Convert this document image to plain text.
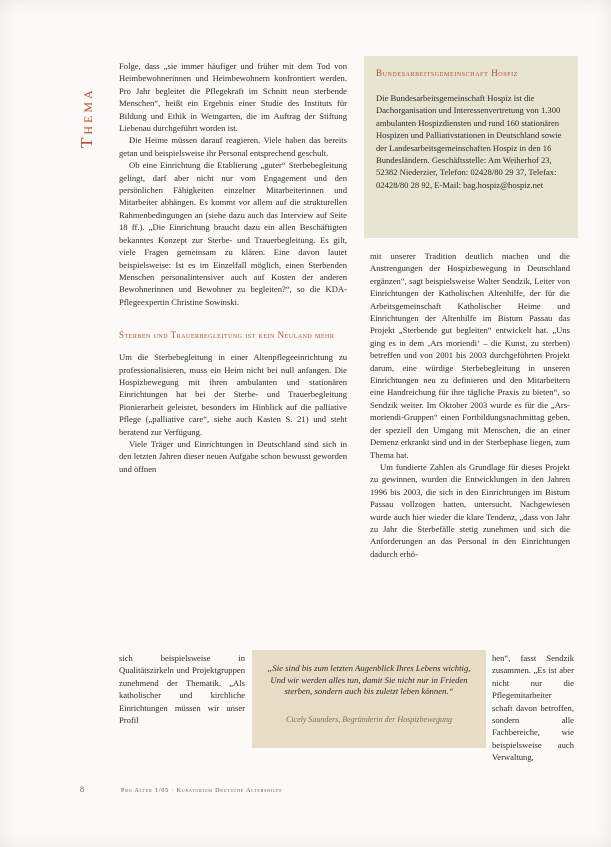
Thema

Folge, dass „sie immer häufiger und früher mit dem Tod von Heimbewohnerinnen und Heimbewohnern konfrontiert werden. Pro Jahr begleitet die Pflegekraft im Schnitt neun sterbende Menschen“, heißt ein Ergebnis einer Studie des Instituts für Bildung und Ethik in Weingarten, die im Auftrag der Stiftung Liebenau durchgeführt worden ist.

Die Heime müssen darauf reagieren. Viele haben das bereits getan und beispielsweise ihr Personal entsprechend geschult.

Ob eine Einrichtung die Etablierung „guter“ Sterbebegleitung gelingt, darf aber nicht nur vom Engagement und den persönlichen Fähigkeiten einzelner Mitarbeiterinnen und Mitarbeiter abhängen. Es kommt vor allem auf die strukturellen Rahmenbedingungen an (siehe dazu auch das Interview auf Seite 18 ff.). „Die Einrichtung braucht dazu ein allen Beschäftigten bekanntes Konzept zur Sterbe- und Trauerbegleitung. Es gilt, viele Fragen gemeinsam zu klären. Eine davon lautet beispielsweise: Ist es im Einzelfall möglich, einen Sterbenden Menschen personalintensiver auch auf Kosten der anderen Bewohnerinnen und Bewohner zu begleiten?“, so die KDA-Pflegeexpertin Christine Sowinski.

Sterben und Trauerbegleitung ist kein Neuland mehr

Um die Sterbebegleitung in einer Altenpflegeeinrichtung zu professionalisieren, muss ein Heim nicht bei null anfangen. Die Hospizbewegung mit ihren ambulanten und stationären Einrichtungen hat bei der Sterbe- und Trauerbegleitung Pionierarbeit geleistet, besonders im Hinblick auf die palliative Pflege („palliative care“, siehe auch Kasten S. 21) und steht beratend zur Verfügung.

Viele Träger und Einrichtungen in Deutschland sind sich in den letzten Jahren dieser neuen Aufgabe schon bewusst geworden und öffnen

sich beispielsweise in Qualitätszirkeln und Projektgruppen zunehmend der Thematik. „Als katholischer und kirchliche Einrichtungen müssen wir unser Profil
Bundesarbeitsgemeinschaft Hospiz
Die Bundesarbeitsgemeinschaft Hospiz ist die Dachorganisation und Interessenvertretung von 1.300 ambulanten Hospizdiensten und rund 160 stationären Hospizen und Palliativstationen in Deutschland sowie der Landesarbeitsgemeinschaften Hospiz in den 16 Bundesländern. Geschäftsstelle: Am Weiherhof 23, 52382 Niederzier, Telefon: 02428/80 29 37, Telefax: 02428/80 28 92, E-Mail: bag.hospiz@hospiz.net

mit unserer Tradition deutlich machen und die Anstrengungen der Hospizbewegung in Deutschland ergänzen“, sagt beispielsweise Walter Sendzik, Leiter von Einrichtungen der Katholischen Altenhilfe, der für die Arbeitsgemeinschaft Katholischer Heime und Einrichtungen der Altenhilfe im Bistum Passau das Projekt „Sterbende gut begleiten“ entwickelt hat. „Uns ging es in dem ‚Ars moriendi‘ – die Kunst, zu sterben) betreffen und von 2001 bis 2003 durchgeführten Projekt darum, eine würdige Sterbebegleitung in unseren Einrichtungen neu zu definieren und den Mitarbeitern eine Handreichung für ihre tägliche Praxis zu bieten“, so Sendzik weiter. Im Oktober 2003 wurde es für die „Ars-moriendi-Gruppen“ einen Fortbildungsnachmittag geben, der speziell den Umgang mit Menschen, die an einer Demenz erkrankt sind und in der Sterbephase liegen, zum Thema hat.

Um fundierte Zahlen als Grundlage für dieses Projekt zu gewinnen, wurden die Entwicklungen in den Jahren 1996 bis 2003, die sich in den Einrichtungen im Bistum Passau vollzogen hatten, untersucht. Nachgewiesen wurde auch hier wieder die klare Tendenz, „dass von Jahr zu Jahr die Sterbefälle stetig zunehmen und sich die Anforderungen an das Personal in den Einrichtungen dadurch erhö-

hen“, fasst Sendzik zusammen. „Es ist aber nicht nur die Pflegemitarbeiter schaft davon betroffen, sondern alle Fachbereiche, wie beispielsweise auch Verwaltung,
„Sie sind bis zum letzten Augenblick Ihres Lebens wichtig, Und wir werden alles tun, damit Sie nicht nur in Frieden sterben, sondern auch bis zuletzt leben können.“
Cicely Saunders, Begründerin der Hospizbewegung
8	Pro Alter 1/05 · Kuratorium Deutsche Altershilfe
